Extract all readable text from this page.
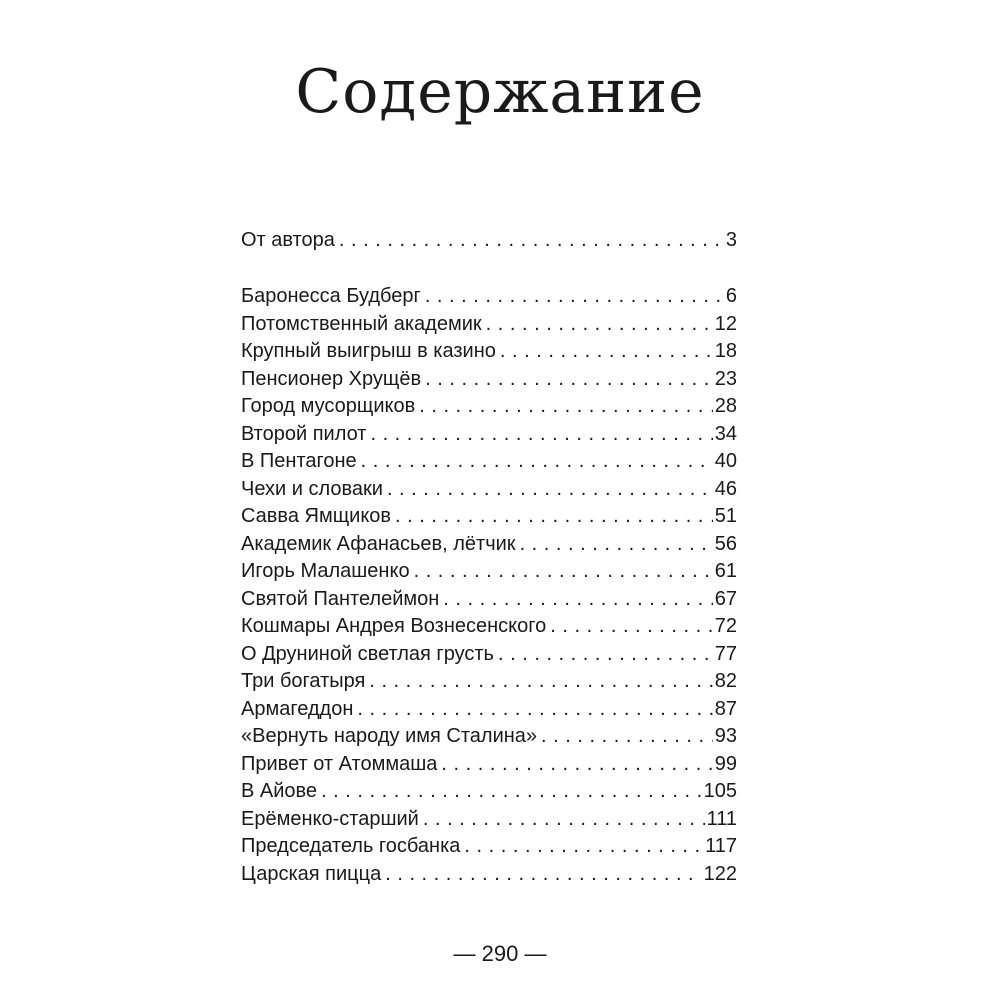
Содержание
От автора . . .	3
Баронесса Будберг . . .	6
Потомственный академик . . .	12
Крупный выигрыш в казино . . .	18
Пенсионер Хрущёв . . .	23
Город мусорщиков . . .	28
Второй пилот . . .	34
В Пентагоне . . .	40
Чехи и словаки . . .	46
Савва Ямщиков . . .	51
Академик Афанасьев, лётчик . . .	56
Игорь Малашенко . . .	61
Святой Пантелеймон . . .	67
Кошмары Андрея Вознесенского . . .	72
О Друниной светлая грусть . . .	77
Три богатыря . . .	82
Армагеддон . . .	87
«Вернуть народу имя Сталина» . . .	93
Привет от Атоммаша . . .	99
В Айове . . .	105
Ерёменко-старший . . .	111
Председатель госбанка . . .	117
Царская пицца . . .	122
— 290 —
